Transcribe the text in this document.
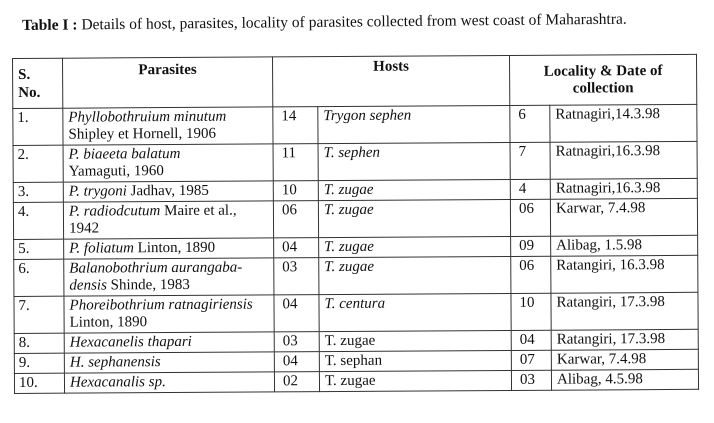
Table I : Details of host, parasites, locality of parasites collected from west coast of Maharashtra.
S.
No.	Parasites	Hosts		Locality & Date of collection	
1.	Phyllobothruium minutum
Shipley et Hornell, 1906	14	Trygon sephen	6	Ratnagiri,14.3.98
2.	P. biaeeta balatum
Yamaguti, 1960	11	T. sephen	7	Ratnagiri,16.3.98
3.	P. trygoni Jadhav, 1985	10	T. zugae	4	Ratnagiri,16.3.98
4.	P. radiodcutum Maire et al., 1942	06	T. zugae	06	Karwar, 7.4.98
5.	P. foliatum Linton, 1890	04	T. zugae	09	Alibag, 1.5.98
6.	Balanobothrium aurangaba-densis Shinde, 1983	03	T. zugae	06	Ratangiri, 16.3.98
7.	Phoreibothrium ratnagiriensis
Linton, 1890	04	T. centura	10	Ratangiri, 17.3.98
8.	Hexacanelis thapari	03	T. zugae	04	Ratangiri, 17.3.98
9.	H. sephanensis	04	T. sephan	07	Karwar, 7.4.98
10.	Hexacanalis sp.	02	T. zugae	03	Alibag, 4.5.98
